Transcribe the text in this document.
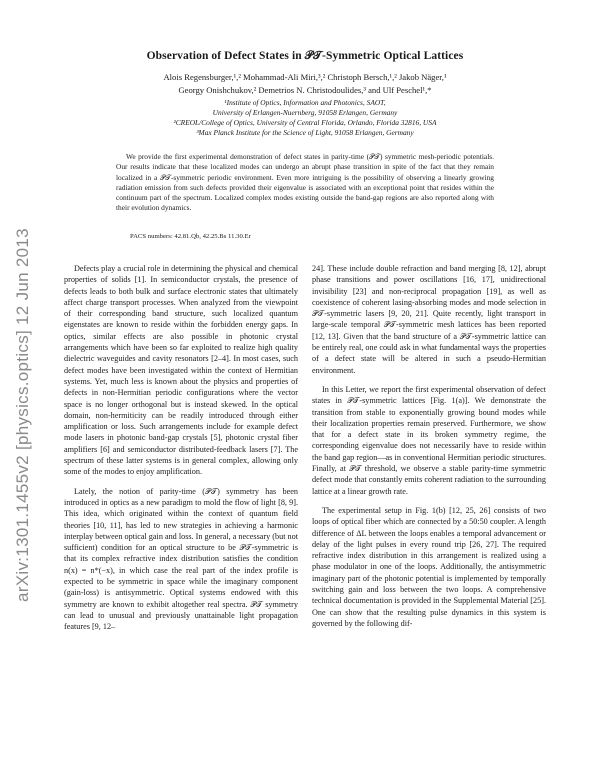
arXiv:1301.1455v2 [physics.optics] 12 Jun 2013
Observation of Defect States in 𝒫𝒯-Symmetric Optical Lattices
Alois Regensburger,¹,² Mohammad-Ali Miri,³,² Christoph Bersch,¹,² Jakob Näger,¹
Georgy Onishchukov,² Demetrios N. Christodoulides,³ and Ulf Peschel¹,*
¹Institute of Optics, Information and Photonics, SAOT,
University of Erlangen-Nuernberg, 91058 Erlangen, Germany
²CREOL/College of Optics, University of Central Florida, Orlando, Florida 32816, USA
³Max Planck Institute for the Science of Light, 91058 Erlangen, Germany

We provide the first experimental demonstration of defect states in parity-time (𝒫𝒯) symmetric mesh-periodic potentials. Our results indicate that these localized modes can undergo an abrupt phase transition in spite of the fact that they remain localized in a 𝒫𝒯-symmetric periodic environment. Even more intriguing is the possibility of observing a linearly growing radiation emission from such defects provided their eigenvalue is associated with an exceptional point that resides within the continuum part of the spectrum. Localized complex modes existing outside the band-gap regions are also reported along with their evolution dynamics.

PACS numbers: 42.81.Qb, 42.25.Bs 11.30.Er

Defects play a crucial role in determining the physical and chemical properties of solids [1]. In semiconductor crystals, the presence of defects leads to both bulk and surface electronic states that ultimately affect charge transport processes. When analyzed from the viewpoint of their corresponding band structure, such localized quantum eigenstates are known to reside within the forbidden energy gaps. In optics, similar effects are also possible in photonic crystal arrangements which have been so far exploited to realize high quality dielectric waveguides and cavity resonators [2–4]. In most cases, such defect modes have been investigated within the context of Hermitian systems. Yet, much less is known about the physics and properties of defects in non-Hermitian periodic configurations where the vector space is no longer orthogonal but is instead skewed. In the optical domain, non-hermiticity can be readily introduced through either amplification or loss. Such arrangements include for example defect mode lasers in photonic band-gap crystals [5], photonic crystal fiber amplifiers [6] and semiconductor distributed-feedback lasers [7]. The spectrum of these latter systems is in general complex, allowing only some of the modes to enjoy amplification.

Lately, the notion of parity-time (𝒫𝒯) symmetry has been introduced in optics as a new paradigm to mold the flow of light [8, 9]. This idea, which originated within the context of quantum field theories [10, 11], has led to new strategies in achieving a harmonic interplay between optical gain and loss. In general, a necessary (but not sufficient) condition for an optical structure to be 𝒫𝒯-symmetric is that its complex refractive index distribution satisfies the condition n(x) = n*(−x), in which case the real part of the index profile is expected to be symmetric in space while the imaginary component (gain-loss) is antisymmetric. Optical systems endowed with this symmetry are known to exhibit altogether real spectra. 𝒫𝒯 symmetry can lead to unusual and previously unattainable light propagation features [9, 12–

24]. These include double refraction and band merging [8, 12], abrupt phase transitions and power oscillations [16, 17], unidirectional invisibility [23] and non-reciprocal propagation [19], as well as coexistence of coherent lasing-absorbing modes and mode selection in 𝒫𝒯-symmetric lasers [9, 20, 21]. Quite recently, light transport in large-scale temporal 𝒫𝒯-symmetric mesh lattices has been reported [12, 13]. Given that the band structure of a 𝒫𝒯-symmetric lattice can be entirely real, one could ask in what fundamental ways the properties of a defect state will be altered in such a pseudo-Hermitian environment.

In this Letter, we report the first experimental observation of defect states in 𝒫𝒯-symmetric lattices [Fig. 1(a)]. We demonstrate the transition from stable to exponentially growing bound modes while their localization properties remain preserved. Furthermore, we show that for a defect state in its broken symmetry regime, the corresponding eigenvalue does not necessarily have to reside within the band gap region—as in conventional Hermitian periodic structures. Finally, at 𝒫𝒯 threshold, we observe a stable parity-time symmetric defect mode that constantly emits coherent radiation to the surrounding lattice at a linear growth rate.

The experimental setup in Fig. 1(b) [12, 25, 26] consists of two loops of optical fiber which are connected by a 50:50 coupler. A length difference of ΔL between the loops enables a temporal advancement or delay of the light pulses in every round trip [26, 27]. The required refractive index distribution in this arrangement is realized using a phase modulator in one of the loops. Additionally, the antisymmetric imaginary part of the photonic potential is implemented by temporally switching gain and loss between the two loops. A comprehensive technical documentation is provided in the Supplemental Material [25]. One can show that the resulting pulse dynamics in this system is governed by the following dif-
